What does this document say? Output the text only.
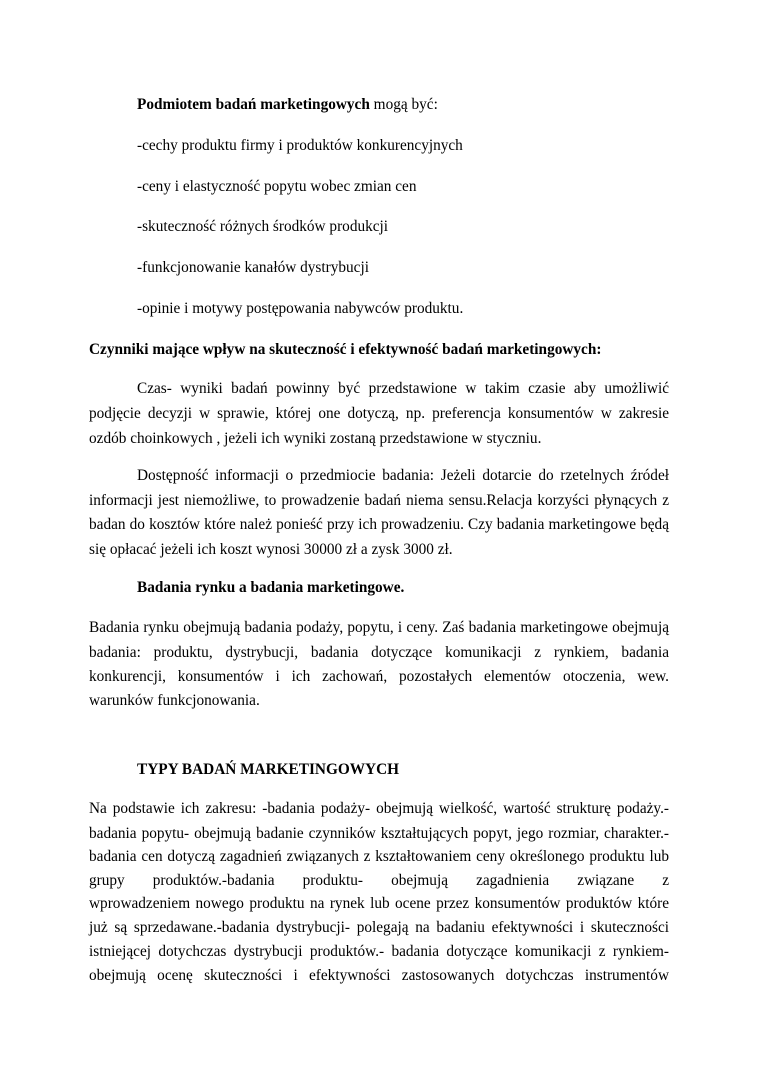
Podmiotem badań marketingowych mogą być:
-cechy produktu firmy i produktów konkurencyjnych
-ceny i elastyczność popytu wobec zmian cen
-skuteczność różnych środków produkcji
-funkcjonowanie kanałów dystrybucji
-opinie i motywy postępowania nabywców produktu.
Czynniki mające wpływ na skuteczność i efektywność badań marketingowych:
Czas- wyniki badań powinny być przedstawione w takim czasie aby umożliwić
podjęcie decyzji w sprawie, której one dotyczą, np. preferencja konsumentów w zakresie
ozdób choinkowych , jeżeli ich wyniki zostaną przedstawione w styczniu.
Dostępność informacji o przedmiocie badania: Jeżeli dotarcie do rzetelnych źródeł
informacji jest niemożliwe, to prowadzenie badań niema sensu.Relacja korzyści płynących z
badan do kosztów które należ ponieść przy ich prowadzeniu. Czy badania marketingowe będą
się opłacać jeżeli ich koszt wynosi 30000 zł a zysk 3000 zł.
Badania rynku a badania marketingowe.
Badania rynku obejmują badania podaży, popytu, i ceny. Zaś badania marketingowe obejmują
badania: produktu, dystrybucji, badania dotyczące komunikacji z rynkiem, badania
konkurencji, konsumentów i ich zachowań, pozostałych elementów otoczenia, wew.
warunków funkcjonowania.
TYPY BADAŃ MARKETINGOWYCH
Na podstawie ich zakresu: -badania podaży- obejmują wielkość, wartość strukturę podaży.-
badania popytu- obejmują badanie czynników kształtujących popyt, jego rozmiar, charakter.-
badania cen dotyczą zagadnień związanych z kształtowaniem ceny określonego produktu lub
grupy produktów.-badania produktu- obejmują zagadnienia związane z
wprowadzeniem nowego produktu na rynek lub ocene przez konsumentów produktów które
już są sprzedawane.-badania dystrybucji- polegają na badaniu efektywności i skuteczności
istniejącej dotychczas dystrybucji produktów.- badania dotyczące komunikacji z rynkiem-
obejmują ocenę skuteczności i efektywności zastosowanych dotychczas instrumentów
